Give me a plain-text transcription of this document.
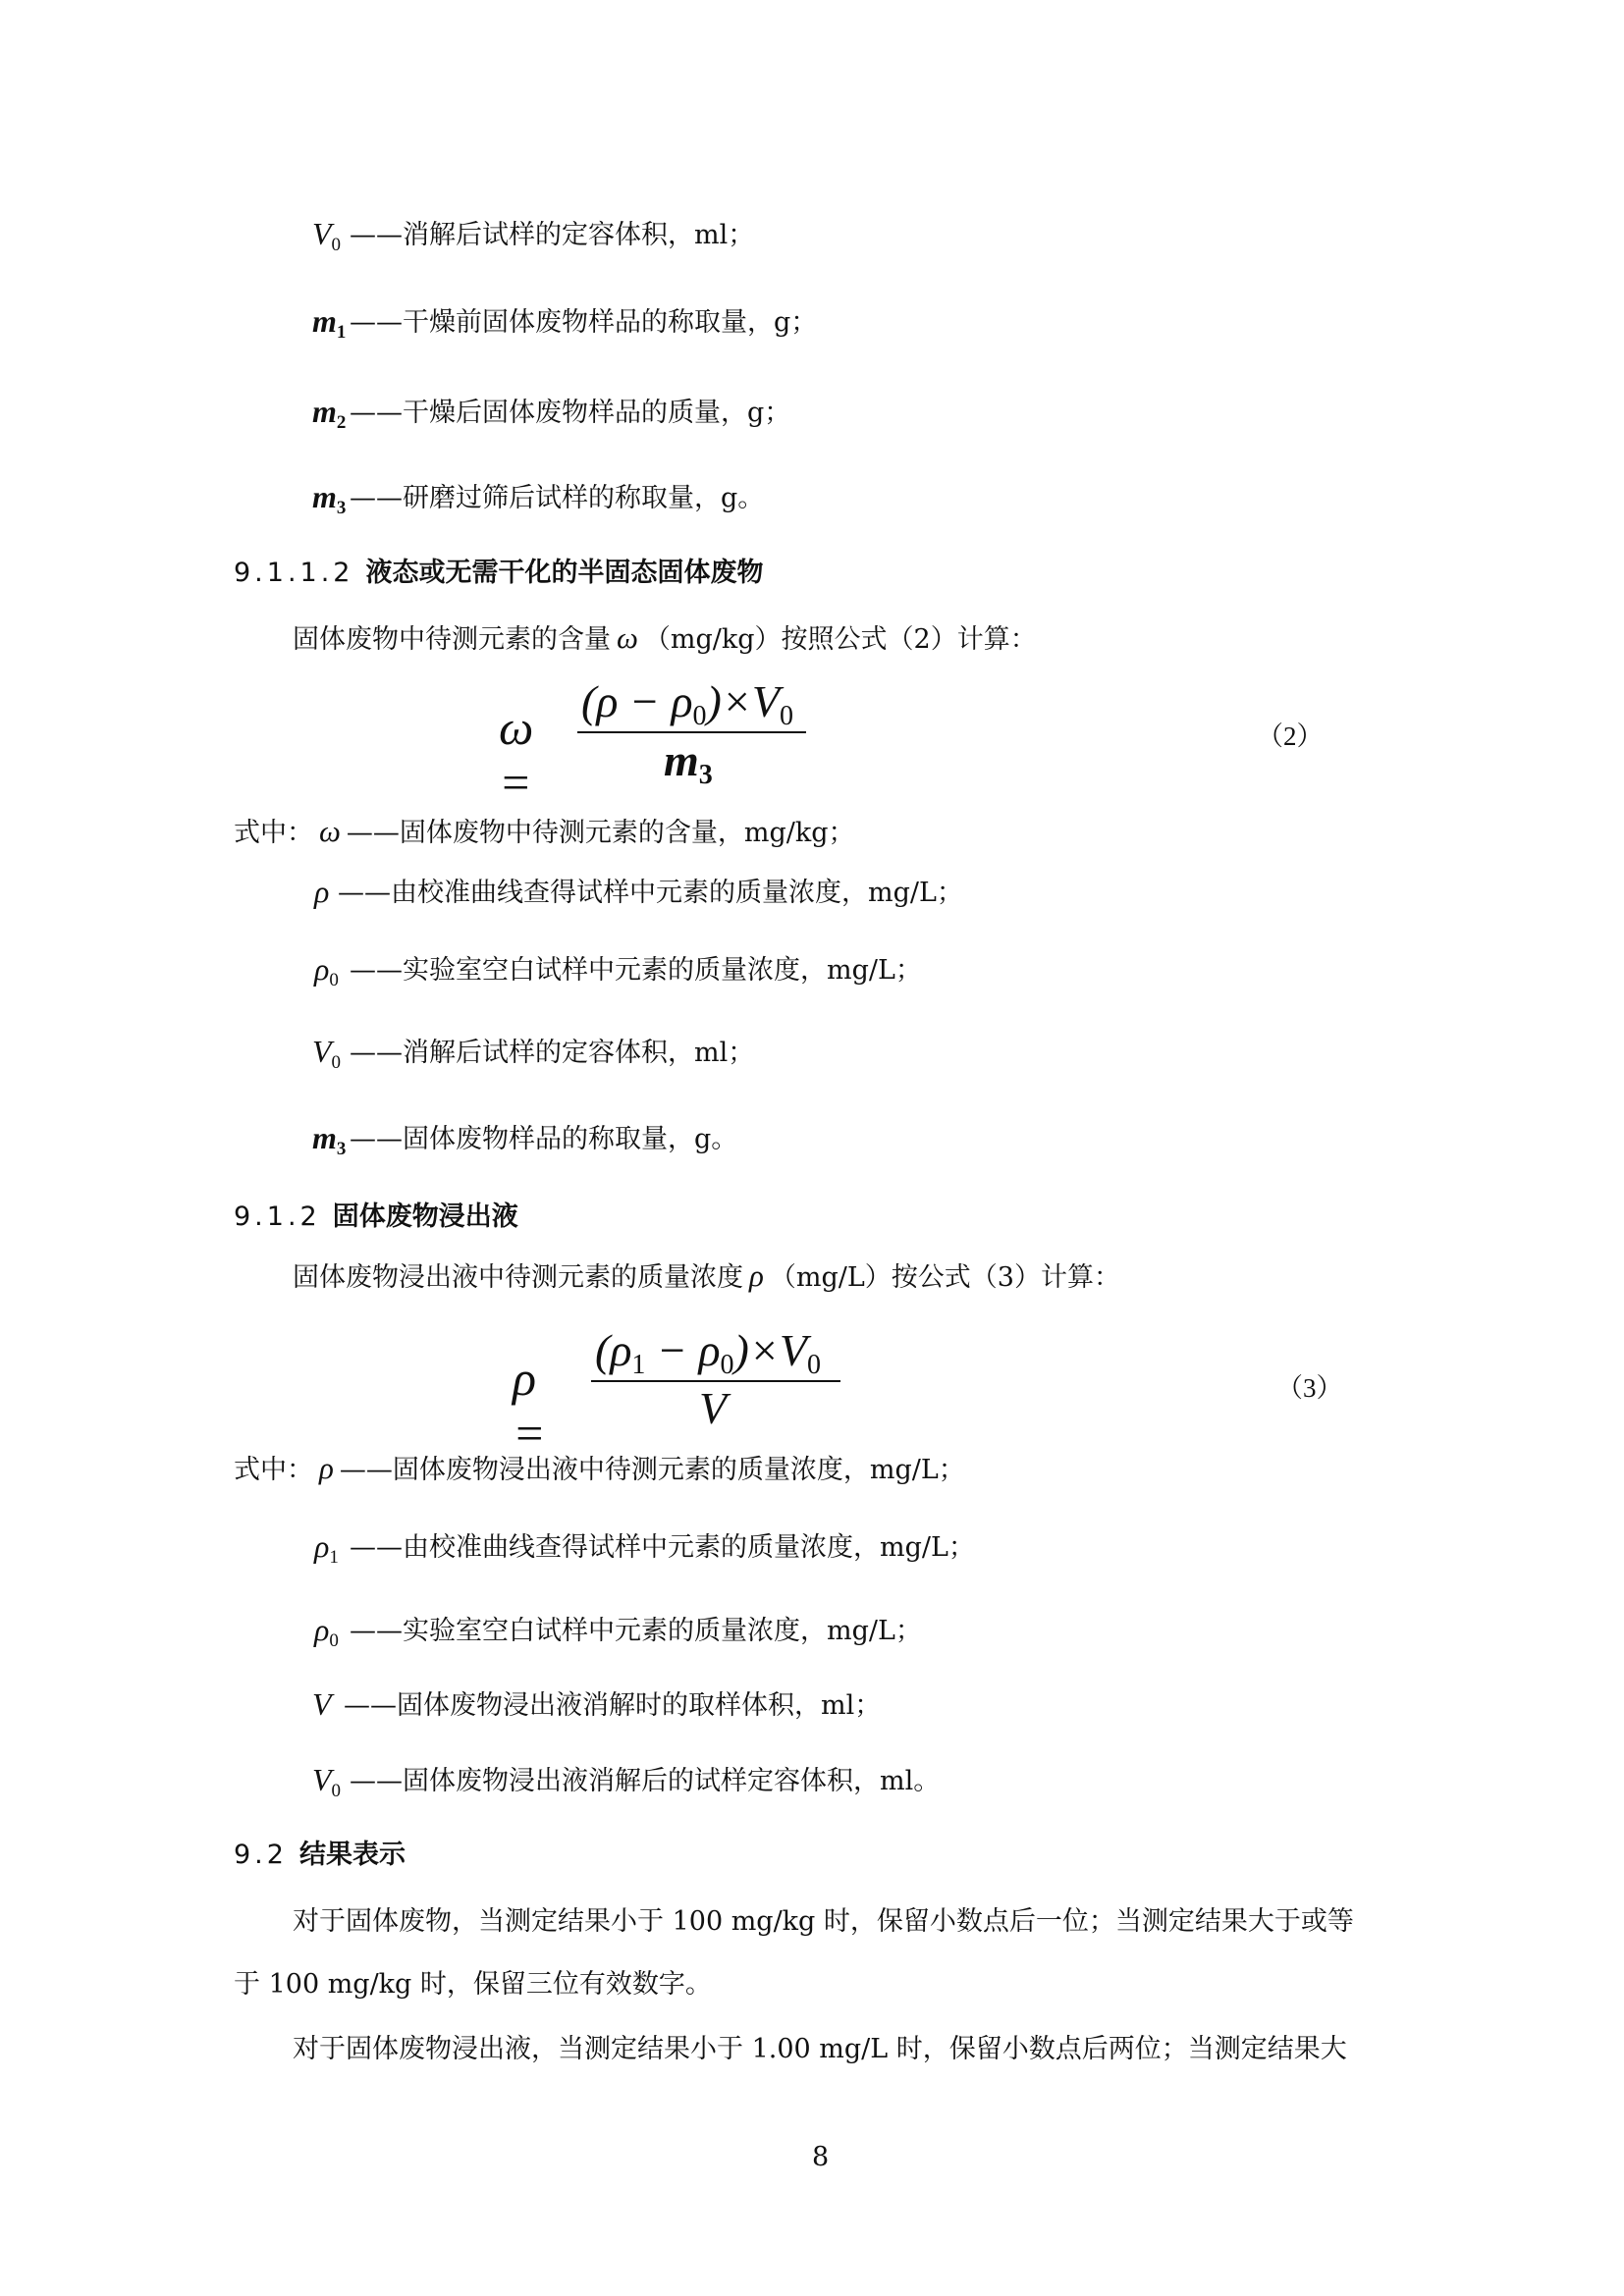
$V_0$ ——消解后试样的定容体积，ml；
$m_1$ ——干燥前固体废物样品的称取量，g；
$m_2$ ——干燥后固体废物样品的质量，g；
$m_3$ ——研磨过筛后试样的称取量，g。
9.1.1.2 液态或无需干化的半固态固体废物
固体废物中待测元素的含量 ω （mg/kg）按照公式（2）计算：
ω =
$(\rho - \rho_0)\times V_0$
$m_3$
（2）
式中： ω ——固体废物中待测元素的含量，mg/kg；
ρ ——由校准曲线查得试样中元素的质量浓度，mg/L；
$\rho_0$ ——实验室空白试样中元素的质量浓度，mg/L；
$V_0$ ——消解后试样的定容体积，ml；
$m_3$ ——固体废物样品的称取量，g。
9.1.2 固体废物浸出液
固体废物浸出液中待测元素的质量浓度 ρ （mg/L）按公式（3）计算：
ρ =
$(\rho_1 - \rho_0)\times V_0$
V	（3）
式中： ρ ——固体废物浸出液中待测元素的质量浓度，mg/L；
$\rho_1$ ——由校准曲线查得试样中元素的质量浓度，mg/L；
$\rho_0$ ——实验室空白试样中元素的质量浓度，mg/L；
V ——固体废物浸出液消解时的取样体积，ml；
$V_0$ ——固体废物浸出液消解后的试样定容体积，ml。
9.2 结果表示
对于固体废物，当测定结果小于 100 mg/kg 时，保留小数点后一位；当测定结果大于或等
于 100 mg/kg 时，保留三位有效数字。
对于固体废物浸出液，当测定结果小于 1.00 mg/L 时，保留小数点后两位；当测定结果大
8
